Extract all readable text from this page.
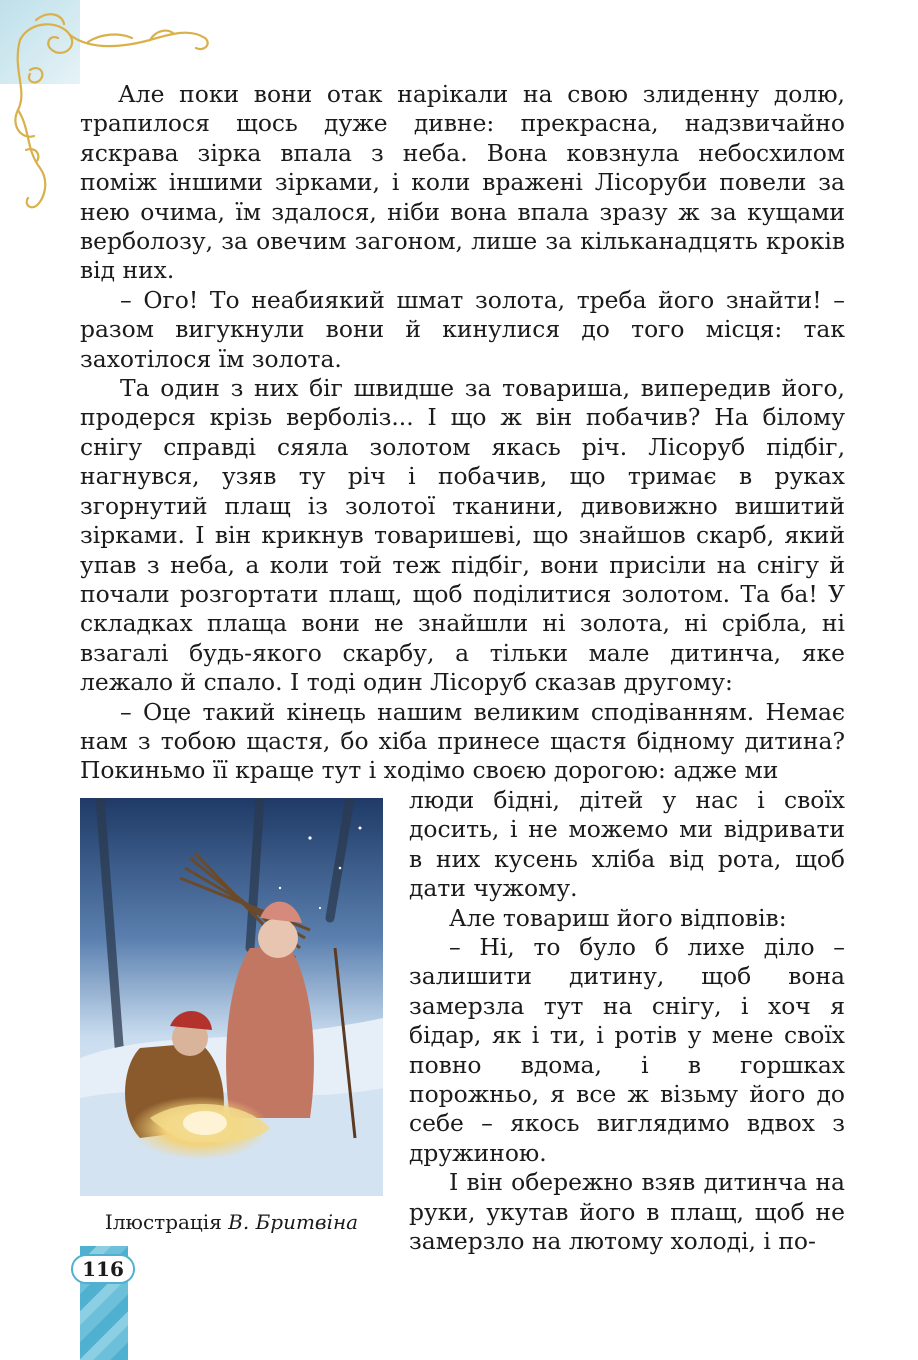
Але поки вони отак нарікали на свою злиденну долю, трапилося щось дуже дивне: прекрасна, надзвичайно яскрава зірка впала з неба. Вона ковзнула небосхилом поміж іншими зірками, і коли вражені Лісоруби повели за нею очима, їм здалося, ніби вона впала зразу ж за кущами верболозу, за овечим загоном, лише за кільканадцять кроків від них.

– Ого! То неабиякий шмат золота, треба його знайти! – разом вигукнули вони й кинулися до того місця: так захотілося їм золота.

Та один з них біг швидше за товариша, випередив його, продерся крізь верболіз... І що ж він побачив? На білому снігу справді сяяла золотом якась річ. Лісоруб підбіг, нагнувся, узяв ту річ і побачив, що тримає в руках згорнутий плащ із золотої тканини, дивовижно вишитий зірками. І він крикнув товаришеві, що знайшов скарб, який упав з неба, а коли той теж підбіг, вони присіли на снігу й почали розгортати плащ, щоб поділитися золотом. Та ба! У складках плаща вони не знайшли ні золота, ні срібла, ні взагалі будь-якого скарбу, а тільки мале дитинча, яке лежало й спало. І тоді один Лісоруб сказав другому:

– Оце такий кінець нашим великим сподіванням. Немає нам з тобою щастя, бо хіба принесе щастя бідному дитина? Покиньмо її краще тут і ходімо своєю дорогою: адже ми

Ілюстрація В. Бритвіна

люди бідні, дітей у нас і своїх досить, і не можемо ми відривати в них кусень хліба від рота, щоб дати чужому.

Але товариш його відповів:

– Ні, то було б лихе діло – залишити дитину, щоб вона замерзла тут на снігу, і хоч я бідар, як і ти, і ротів у мене своїх повно вдома, і в горшках порожньо, я все ж візьму його до себе – якось виглядимо вдвох з дружиною.

І він обережно взяв дитинча на руки, укутав його в плащ, щоб не замерзло на лютому холоді, і по-

116
